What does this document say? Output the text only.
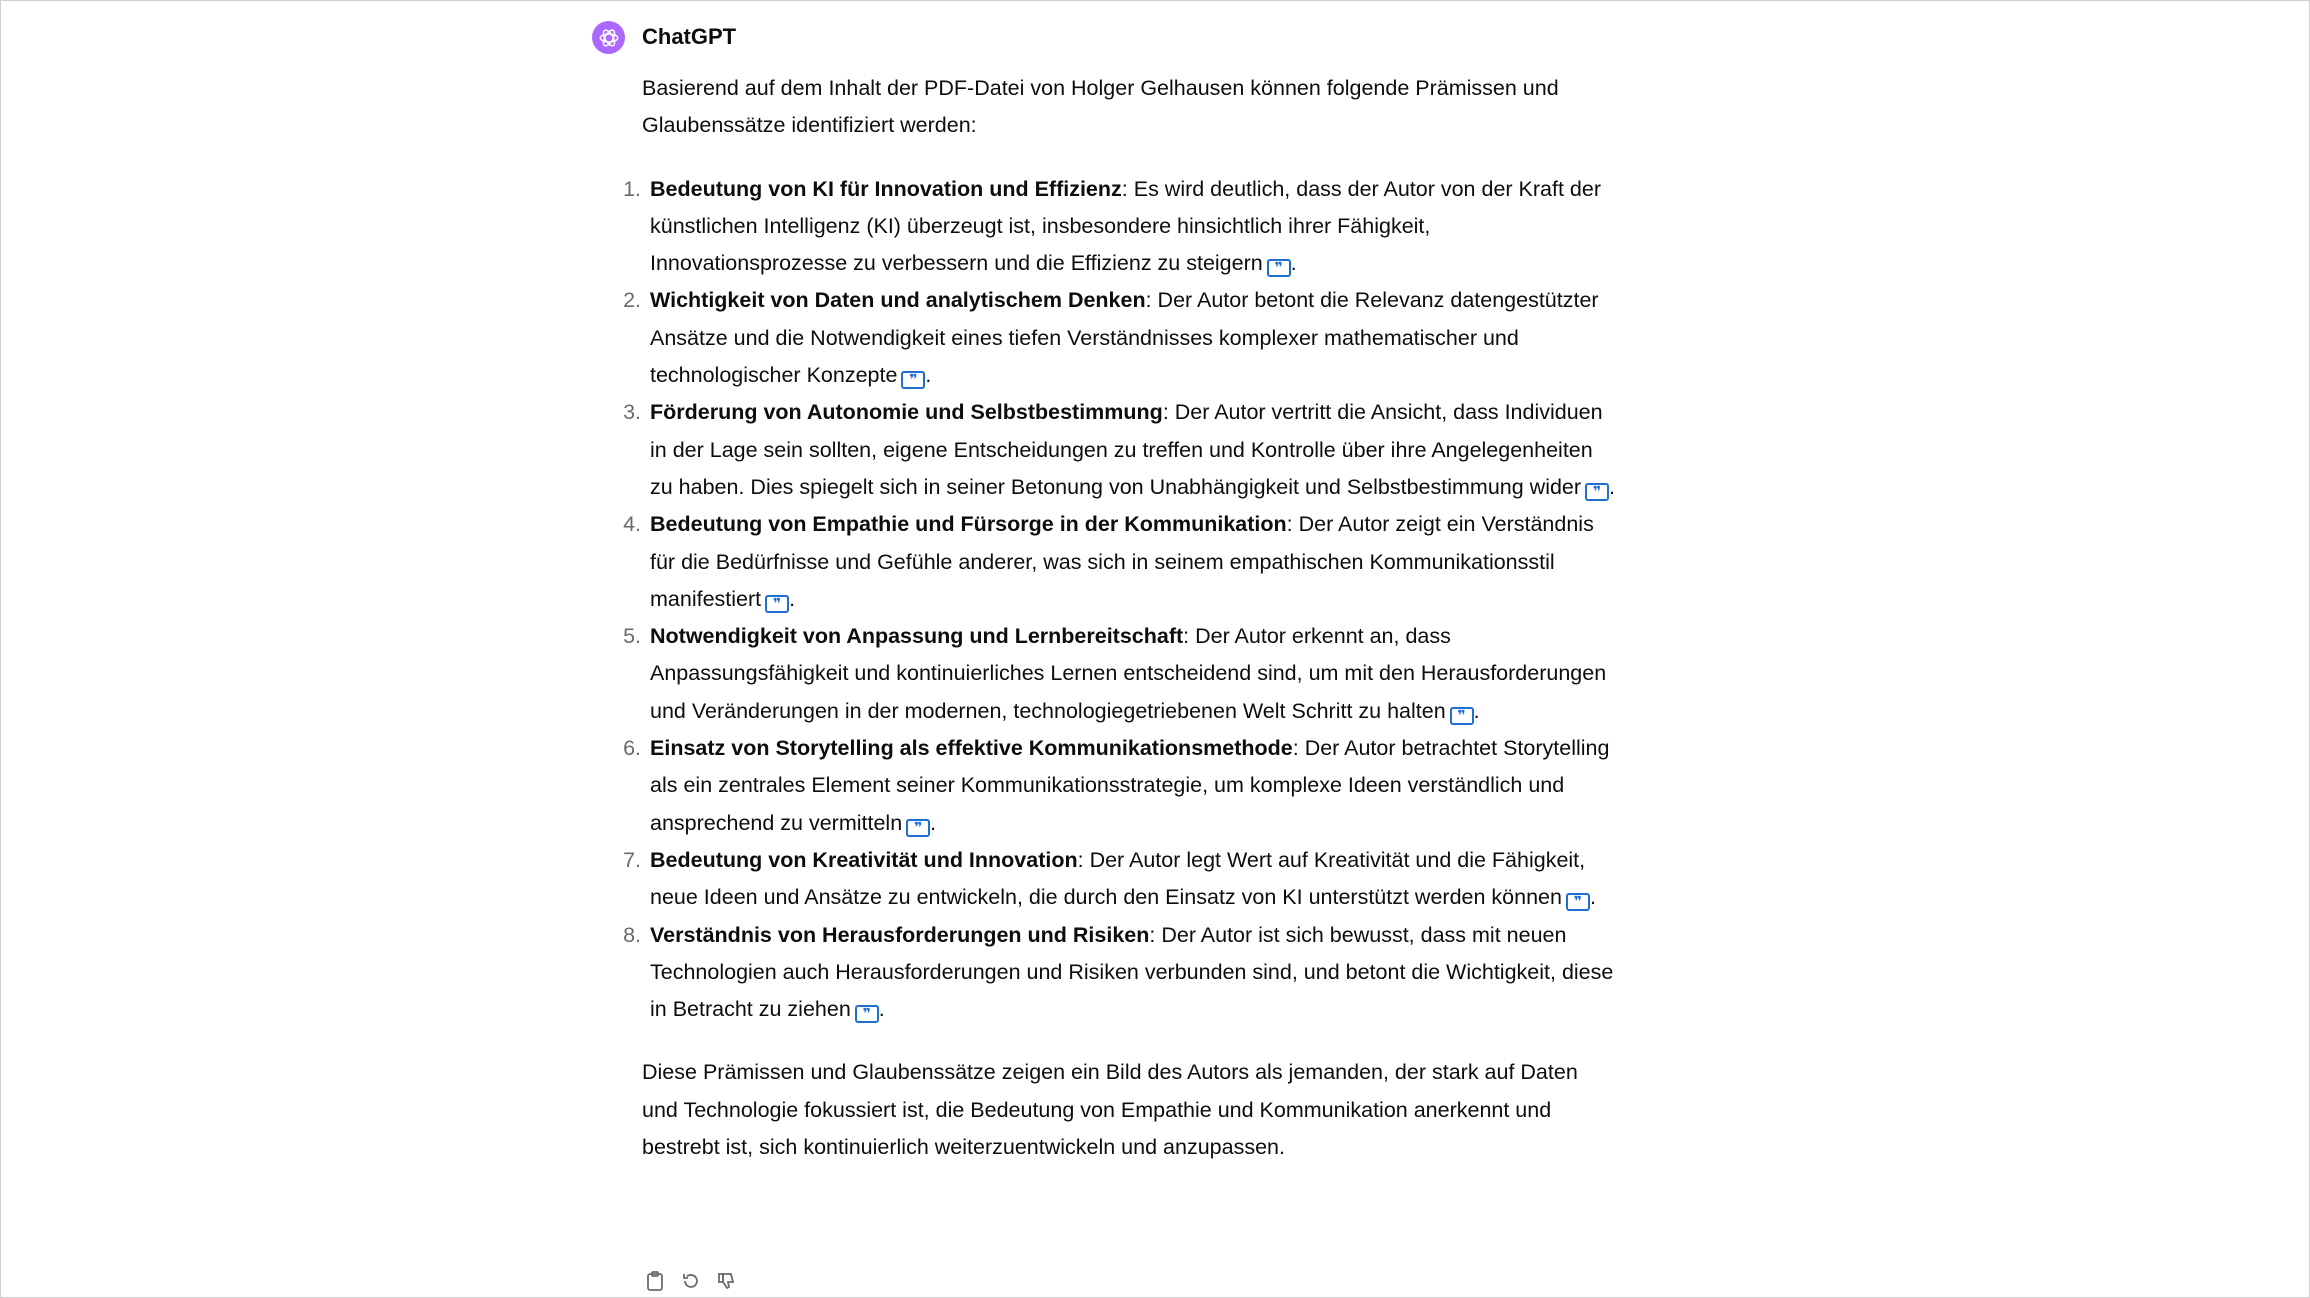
ChatGPT

Basierend auf dem Inhalt der PDF-Datei von Holger Gelhausen können folgende Prämissen und Glaubenssätze identifiziert werden:

1. Bedeutung von KI für Innovation und Effizienz: Es wird deutlich, dass der Autor von der Kraft der künstlichen Intelligenz (KI) überzeugt ist, insbesondere hinsichtlich ihrer Fähigkeit, Innovationsprozesse zu verbessern und die Effizienz zu steigern ❞ .
2. Wichtigkeit von Daten und analytischem Denken: Der Autor betont die Relevanz datengestützter Ansätze und die Notwendigkeit eines tiefen Verständnisses komplexer mathematischer und technologischer Konzepte ❞ .
3. Förderung von Autonomie und Selbstbestimmung: Der Autor vertritt die Ansicht, dass Individuen in der Lage sein sollten, eigene Entscheidungen zu treffen und Kontrolle über ihre Angelegenheiten zu haben. Dies spiegelt sich in seiner Betonung von Unabhängigkeit und Selbstbestimmung wider ❞ .
4. Bedeutung von Empathie und Fürsorge in der Kommunikation: Der Autor zeigt ein Verständnis für die Bedürfnisse und Gefühle anderer, was sich in seinem empathischen Kommunikationsstil manifestiert ❞ .
5. Notwendigkeit von Anpassung und Lernbereitschaft: Der Autor erkennt an, dass Anpassungsfähigkeit und kontinuierliches Lernen entscheidend sind, um mit den Herausforderungen und Veränderungen in der modernen, technologiegetriebenen Welt Schritt zu halten ❞ .
6. Einsatz von Storytelling als effektive Kommunikationsmethode: Der Autor betrachtet Storytelling als ein zentrales Element seiner Kommunikationsstrategie, um komplexe Ideen verständlich und ansprechend zu vermitteln ❞ .
7. Bedeutung von Kreativität und Innovation: Der Autor legt Wert auf Kreativität und die Fähigkeit, neue Ideen und Ansätze zu entwickeln, die durch den Einsatz von KI unterstützt werden können ❞ .
8. Verständnis von Herausforderungen und Risiken: Der Autor ist sich bewusst, dass mit neuen Technologien auch Herausforderungen und Risiken verbunden sind, und betont die Wichtigkeit, diese in Betracht zu ziehen ❞ .

Diese Prämissen und Glaubenssätze zeigen ein Bild des Autors als jemanden, der stark auf Daten und Technologie fokussiert ist, die Bedeutung von Empathie und Kommunikation anerkennt und bestrebt ist, sich kontinuierlich weiterzuentwickeln und anzupassen.
